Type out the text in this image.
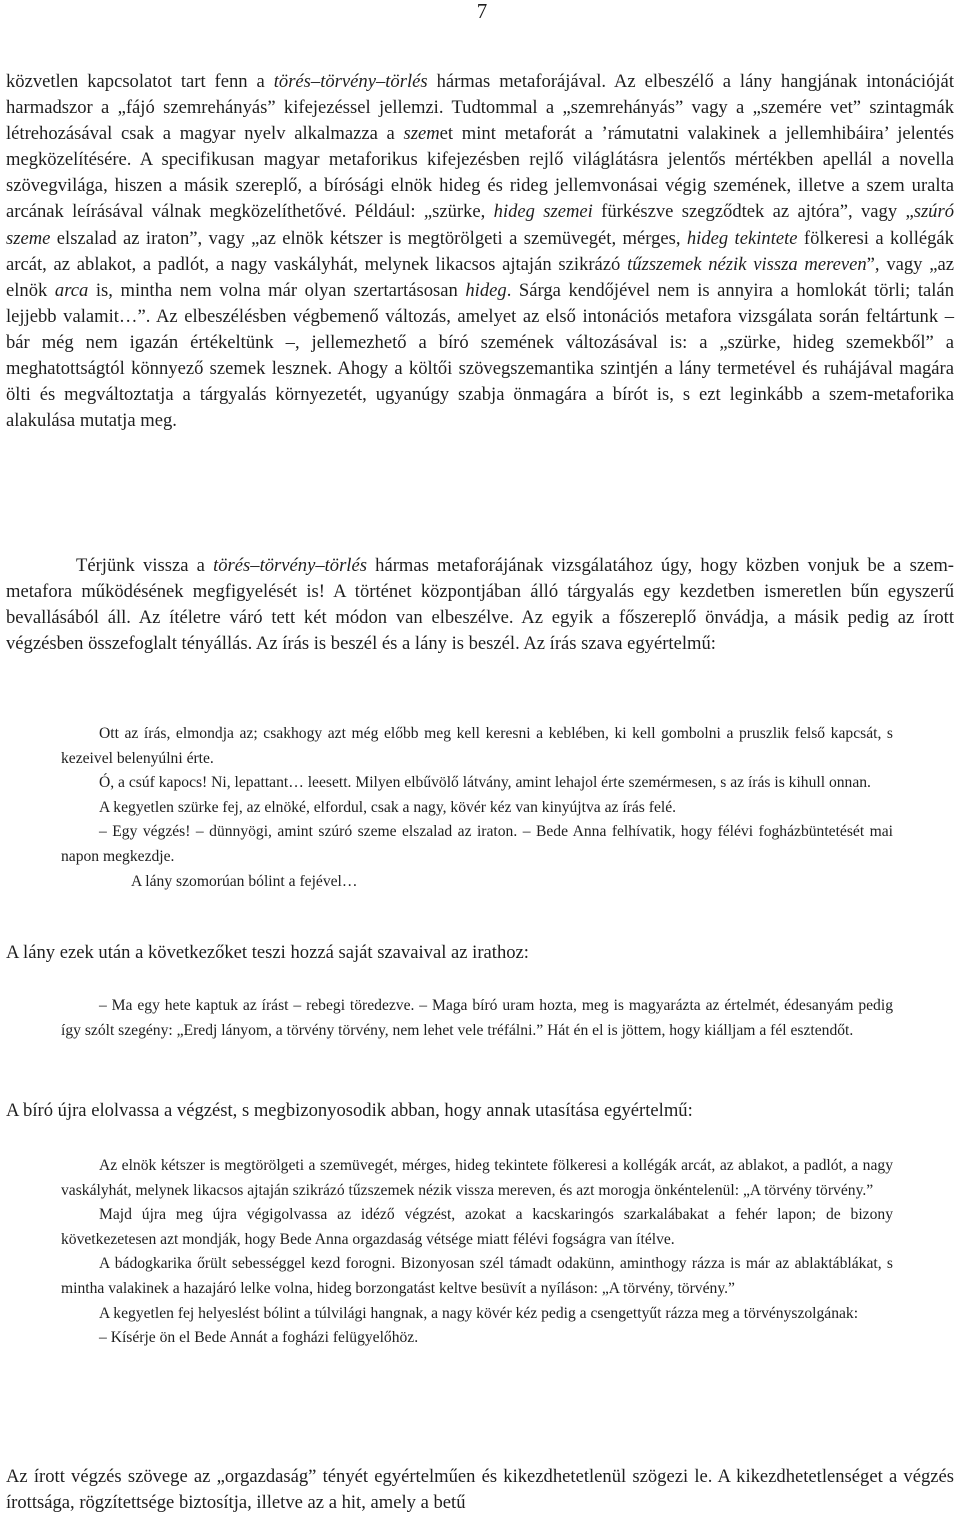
7

közvetlen kapcsolatot tart fenn a törés–törvény–törlés hármas metaforájával. Az elbeszélő a lány hangjának intonációját harmadszor a „fájó szemrehányás” kifejezéssel jellemzi. Tudtommal a „szemrehányás” vagy a „szemére vet” szintagmák létrehozásával csak a magyar nyelv alkalmazza a szemet mint metaforát a ’rámutatni valakinek a jellemhibáira’ jelentés megközelítésére. A specifikusan magyar metaforikus kifejezésben rejlő világlátásra jelentős mértékben apellál a novella szövegvilága, hiszen a másik szereplő, a bírósági elnök hideg és rideg jellemvonásai végig szemének, illetve a szem uralta arcának leírásával válnak megközelíthetővé. Például: „szürke, hideg szemei fürkészve szegződtek az ajtóra”, vagy „szúró szeme elszalad az iraton”, vagy „az elnök kétszer is megtörölgeti a szemüvegét, mérges, hideg tekintete fölkeresi a kollégák arcát, az ablakot, a padlót, a nagy vaskályhát, melynek likacsos ajtaján szikrázó tűzszemek nézik vissza mereven”, vagy „az elnök arca is, mintha nem volna már olyan szertartásosan hideg. Sárga kendőjével nem is annyira a homlokát törli; talán lejjebb valamit…”. Az elbeszélésben végbemenő változás, amelyet az első intonációs metafora vizsgálata során feltártunk – bár még nem igazán értékeltünk –, jellemezhető a bíró szemének változásával is: a „szürke, hideg szemekből” a meghatottságtól könnyező szemek lesznek. Ahogy a költői szövegszemantika szintjén a lány termetével és ruhájával magára ölti és megváltoztatja a tárgyalás környezetét, ugyanúgy szabja önmagára a bírót is, s ezt leginkább a szem-metaforika alakulása mutatja meg.

Térjünk vissza a törés–törvény–törlés hármas metaforájának vizsgálatához úgy, hogy közben vonjuk be a szem-metafora működésének megfigyelését is! A történet központjában álló tárgyalás egy kezdetben ismeretlen bűn egyszerű bevallásából áll. Az ítéletre váró tett két módon van elbeszélve. Az egyik a főszereplő önvádja, a másik pedig az írott végzésben összefoglalt tényállás. Az írás is beszél és a lány is beszél. Az írás szava egyértelmű:

Ott az írás, elmondja az; csakhogy azt még előbb meg kell keresni a keblében, ki kell gombolni a pruszlik felső kapcsát, s kezeivel belenyúlni érte.

Ó, a csúf kapocs! Ni, lepattant… leesett. Milyen elbűvölő látvány, amint lehajol érte szemérmesen, s az írás is kihull onnan.

A kegyetlen szürke fej, az elnöké, elfordul, csak a nagy, kövér kéz van kinyújtva az írás felé.

– Egy végzés! – dünnyögi, amint szúró szeme elszalad az iraton. – Bede Anna felhívatik, hogy félévi fogházbüntetését mai napon megkezdje.

A lány szomorúan bólint a fejével…

A lány ezek után a következőket teszi hozzá saját szavaival az irathoz:

– Ma egy hete kaptuk az írást – rebegi töredezve. – Maga bíró uram hozta, meg is magyarázta az értelmét, édesanyám pedig így szólt szegény: „Eredj lányom, a törvény törvény, nem lehet vele tréfálni.” Hát én el is jöttem, hogy kiálljam a fél esztendőt.

A bíró újra elolvassa a végzést, s megbizonyosodik abban, hogy annak utasítása egyértelmű:

Az elnök kétszer is megtörölgeti a szemüvegét, mérges, hideg tekintete fölkeresi a kollégák arcát, az ablakot, a padlót, a nagy vaskályhát, melynek likacsos ajtaján szikrázó tűzszemek nézik vissza mereven, és azt morogja önkéntelenül: „A törvény törvény.”

Majd újra meg újra végigolvassa az idéző végzést, azokat a kacskaringós szarkalábakat a fehér lapon; de bizony következetesen azt mondják, hogy Bede Anna orgazdaság vétsége miatt félévi fogságra van ítélve.

A bádogkarika őrült sebességgel kezd forogni. Bizonyosan szél támadt odakünn, aminthogy rázza is már az ablaktáblákat, s mintha valakinek a hazajáró lelke volna, hideg borzongatást keltve besüvít a nyíláson: „A törvény, törvény.”

A kegyetlen fej helyeslést bólint a túlvilági hangnak, a nagy kövér kéz pedig a csengettyűt rázza meg a törvényszolgának:

– Kísérje ön el Bede Annát a fogházi felügyelőhöz.

Az írott végzés szövege az „orgazdaság” tényét egyértelműen és kikezdhetetlenül szögezi le. A kikezdhetetlenséget a végzés írottsága, rögzítettsége biztosítja, illetve az a hit, amely a betű
